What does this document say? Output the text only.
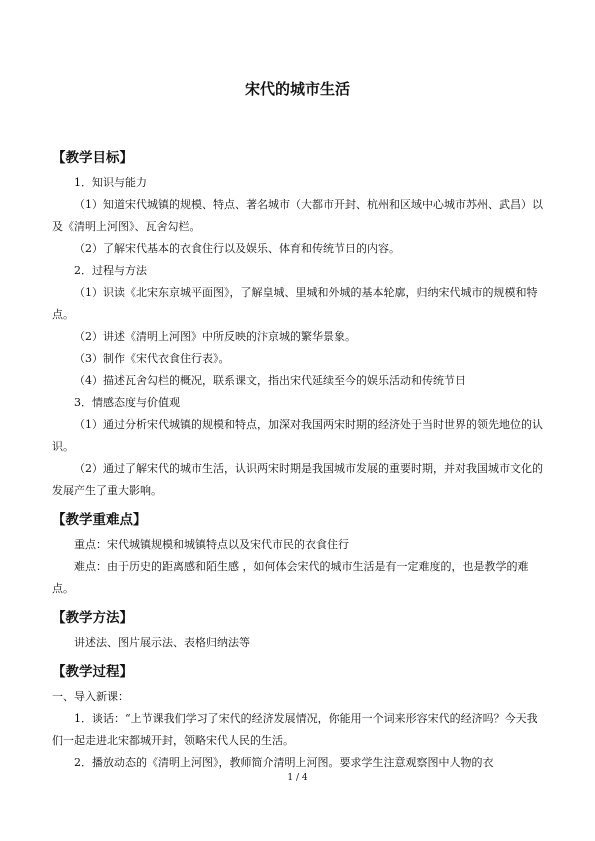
宋代的城市生活
【教学目标】

1．知识与能力

（1）知道宋代城镇的规模、特点、著名城市（大都市开封、杭州和区域中心城市苏州、武昌）以及《清明上河图》、瓦舍勾栏。

（2）了解宋代基本的衣食住行以及娱乐、体育和传统节日的内容。

2．过程与方法

（1）识读《北宋东京城平面图》，了解皇城、里城和外城的基本轮廓，归纳宋代城市的规模和特点。

（2）讲述《清明上河图》中所反映的汴京城的繁华景象。

（3）制作《宋代衣食住行表》。

（4）描述瓦舍勾栏的概况，联系课文，指出宋代延续至今的娱乐活动和传统节日

3．情感态度与价值观

（1）通过分析宋代城镇的规模和特点，加深对我国两宋时期的经济处于当时世界的领先地位的认识。

（2）通过了解宋代的城市生活，认识两宋时期是我国城市发展的重要时期，并对我国城市文化的发展产生了重大影响。

【教学重难点】

重点：宋代城镇规模和城镇特点以及宋代市民的衣食住行

难点：由于历史的距离感和陌生感 ，如何体会宋代的城市生活是有一定难度的，也是教学的难点。

【教学方法】

讲述法、图片展示法、表格归纳法等

【教学过程】

一、导入新课：

1．谈话：“上节课我们学习了宋代的经济发展情况，你能用一个词来形容宋代的经济吗？今天我们一起走进北宋都城开封，领略宋代人民的生活。

2．播放动态的《清明上河图》，教师简介清明上河图。要求学生注意观察图中人物的衣

1 / 4
